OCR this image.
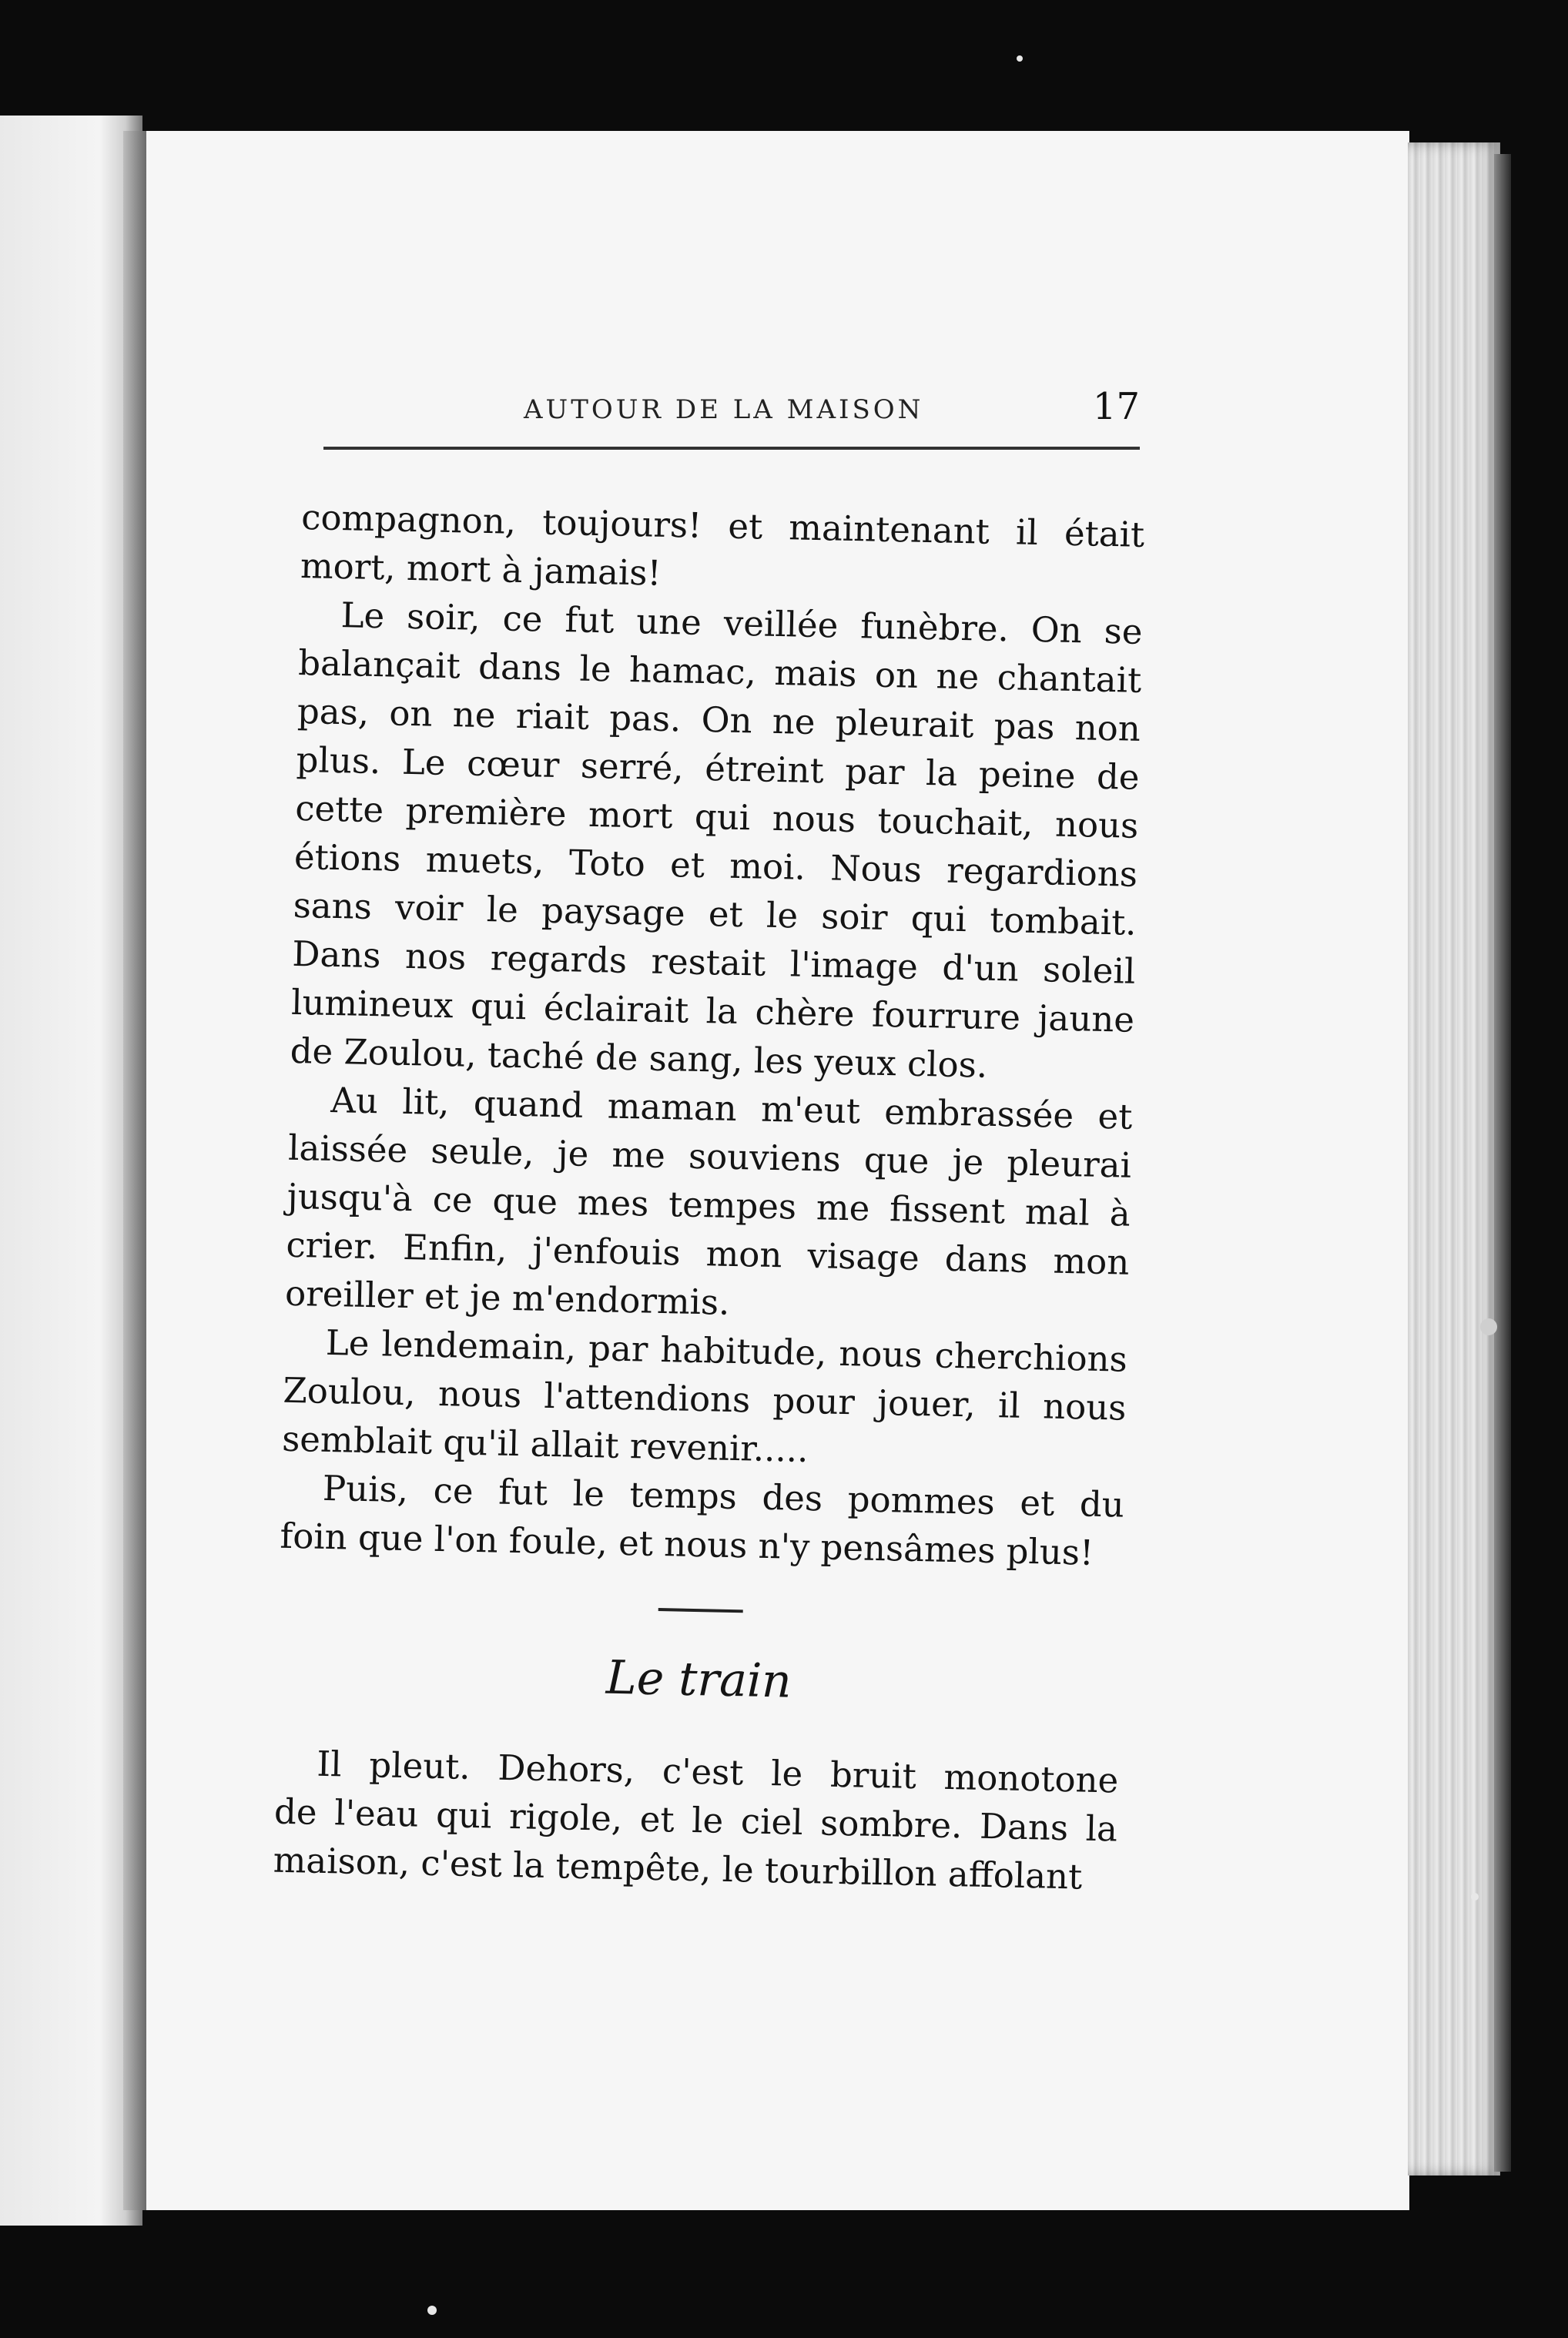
AUTOUR DE LA MAISON	17
compagnon, toujours! et maintenant il était
mort, mort à jamais!
Le soir, ce fut une veillée funèbre. On se
balançait dans le hamac, mais on ne chantait
pas, on ne riait pas. On ne pleurait pas non
plus. Le cœur serré, étreint par la peine de
cette première mort qui nous touchait, nous
étions muets, Toto et moi. Nous regardions
sans voir le paysage et le soir qui tombait.
Dans nos regards restait l'image d'un soleil
lumineux qui éclairait la chère fourrure jaune
de Zoulou, taché de sang, les yeux clos.
Au lit, quand maman m'eut embrassée et
laissée seule, je me souviens que je pleurai
jusqu'à ce que mes tempes me fissent mal à
crier. Enfin, j'enfouis mon visage dans mon
oreiller et je m'endormis.
Le lendemain, par habitude, nous cherchions
Zoulou, nous l'attendions pour jouer, il nous
semblait qu'il allait revenir.....
Puis, ce fut le temps des pommes et du
foin que l'on foule, et nous n'y pensâmes plus!
Le train
Il pleut. Dehors, c'est le bruit monotone
de l'eau qui rigole, et le ciel sombre. Dans la
maison, c'est la tempête, le tourbillon affolant
